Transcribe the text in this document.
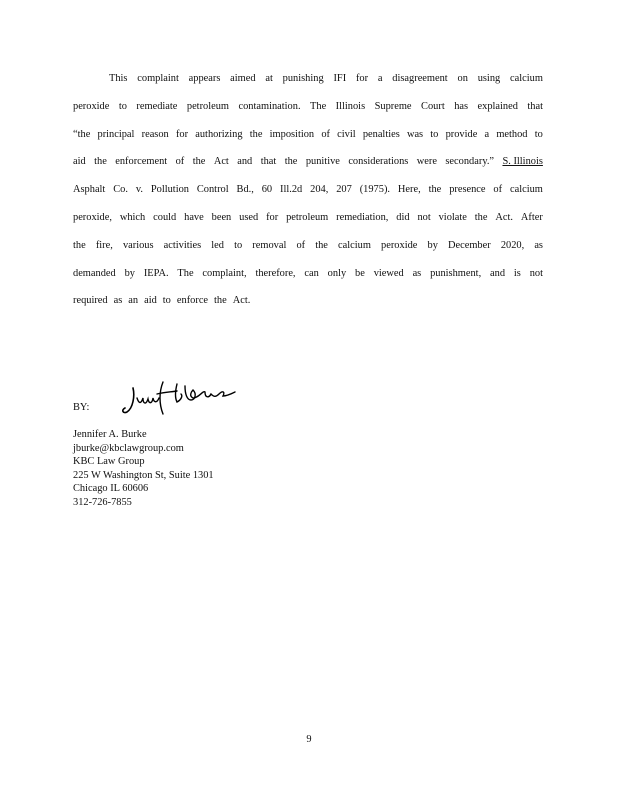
This complaint appears aimed at punishing IFI for a disagreement on using calcium
peroxide to remediate petroleum contamination. The Illinois Supreme Court has explained that
“the principal reason for authorizing the imposition of civil penalties was to provide a method to
aid the enforcement of the Act and that the punitive considerations were secondary.” S. Illinois
Asphalt Co. v. Pollution Control Bd., 60 Ill.2d 204, 207 (1975). Here, the presence of calcium
peroxide, which could have been used for petroleum remediation, did not violate the Act. After
the fire, various activities led to removal of the calcium peroxide by December 2020, as
demanded by IEPA. The complaint, therefore, can only be viewed as punishment, and is not
required as an aid to enforce the Act.
BY:
Jennifer A. Burke
jburke@kbclawgroup.com
KBC Law Group
225 W Washington St, Suite 1301
Chicago IL 60606
312-726-7855
9
